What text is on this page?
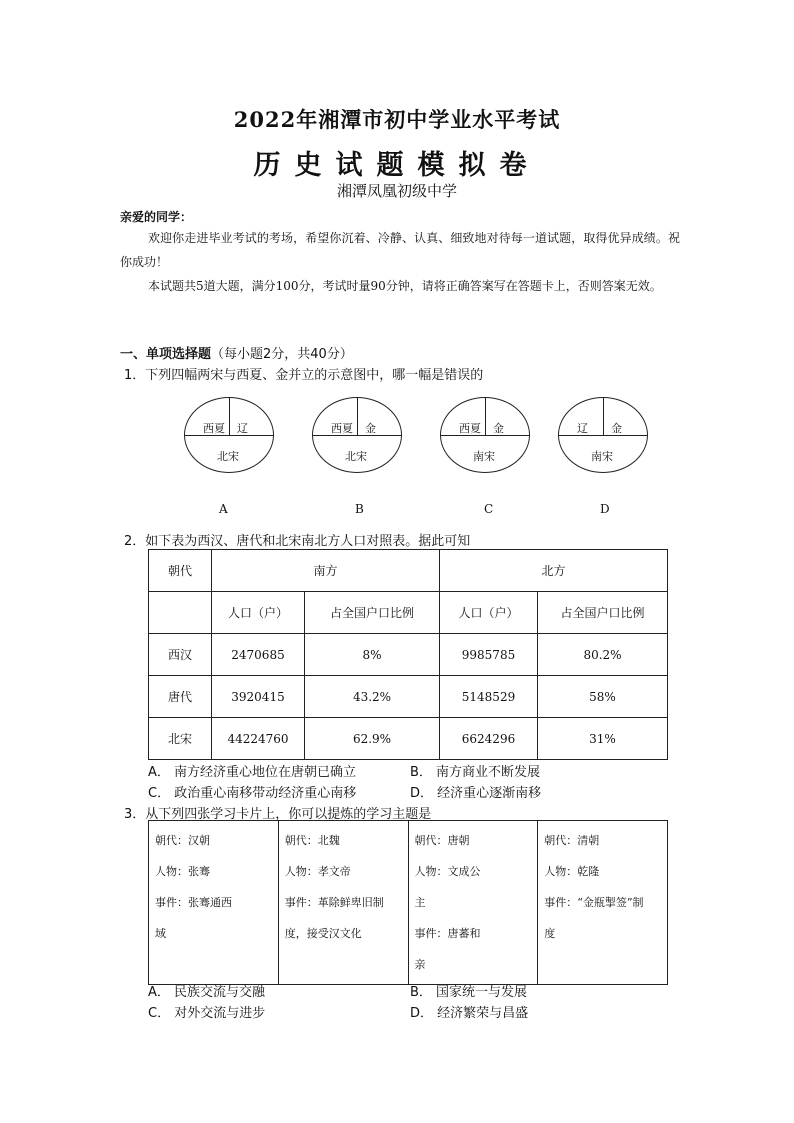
2022年湘潭市初中学业水平考试
历史试题模拟卷
湘潭凤凰初级中学
亲爱的同学：
欢迎你走进毕业考试的考场，希望你沉着、冷静、认真、细致地对待每一道试题，取得优异成绩。祝你成功！
本试题共5道大题，满分100分，考试时量90分钟，请将正确答案写在答题卡上，否则答案无效。
一、单项选择题（每小题2分，共40分）
1．下列四幅两宋与西夏、金并立的示意图中，哪一幅是错误的
西夏 辽
北宋
A
西夏 金
北宋
B
西夏 金
南宋
C
辽 金
南宋
D
2．如下表为西汉、唐代和北宋南北方人口对照表。据此可知
朝代	南方		北方	
	人口（户）	占全国户口比例	人口（户）	占全国户口比例
西汉	2470685	8%	9985785	80.2%
唐代	3920415	43.2%	5148529	58%
北宋	44224760	62.9%	6624296	31%
A． 南方经济重心地位在唐朝已确立	B． 南方商业不断发展
C． 政治重心南移带动经济重心南移	D． 经济重心逐渐南移
3．从下列四张学习卡片上，你可以提炼的学习主题是
朝代：汉朝
人物：张骞
事件：张骞通西
域

朝代：北魏
人物：孝文帝
事件：革除鲜卑旧制
度，接受汉文化

朝代：唐朝
人物：文成公
主
事件：唐蕃和
亲

朝代：清朝
人物：乾隆
事件：“金瓶掣签”制
度
A． 民族交流与交融	B． 国家统一与发展
C． 对外交流与进步	D． 经济繁荣与昌盛
